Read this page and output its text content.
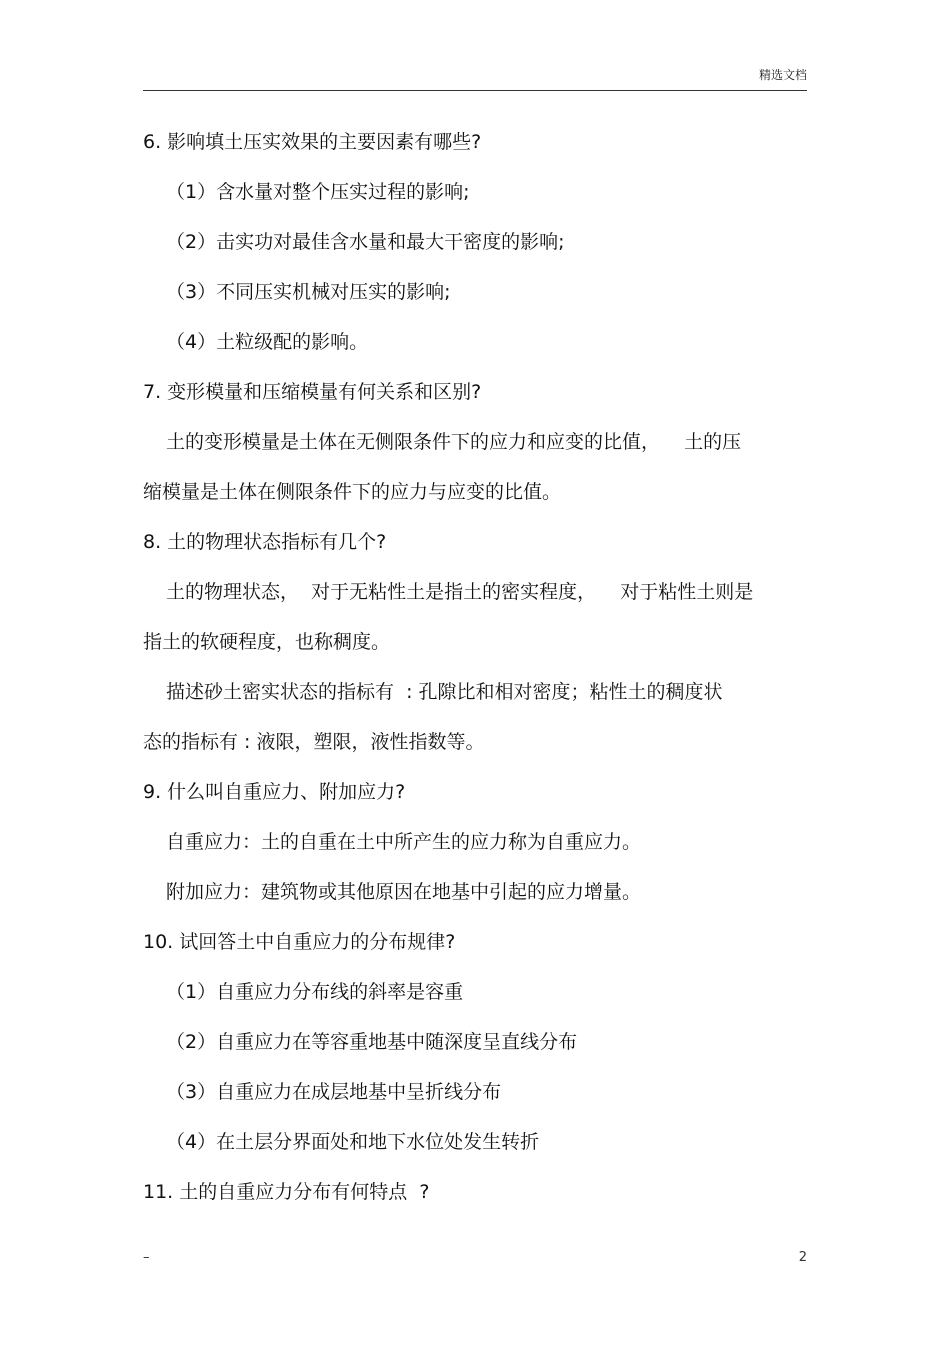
精选文档
6. 影响填土压实效果的主要因素有哪些?
（1）含水量对整个压实过程的影响;
（2）击实功对最佳含水量和最大干密度的影响;
（3）不同压实机械对压实的影响;
（4）土粒级配的影响。
7. 变形模量和压缩模量有何关系和区别?
土的变形模量是土体在无侧限条件下的应力和应变的比值，    土的压
缩模量是土体在侧限条件下的应力与应变的比值。
8. 土的物理状态指标有几个?
土的物理状态，  对于无粘性土是指土的密实程度，    对于粘性土则是
指土的软硬程度，也称稠度。
描述砂土密实状态的指标有  : 孔隙比和相对密度；粘性土的稠度状
态的指标有 : 液限，塑限，液性指数等。
9. 什么叫自重应力、附加应力?
自重应力：土的自重在土中所产生的应力称为自重应力。
附加应力：建筑物或其他原因在地基中引起的应力增量。
10. 试回答土中自重应力的分布规律?
（1）自重应力分布线的斜率是容重
（2）自重应力在等容重地基中随深度呈直线分布
（3）自重应力在成层地基中呈折线分布
（4）在土层分界面处和地下水位处发生转折
11. 土的自重应力分布有何特点  ?
–	2
